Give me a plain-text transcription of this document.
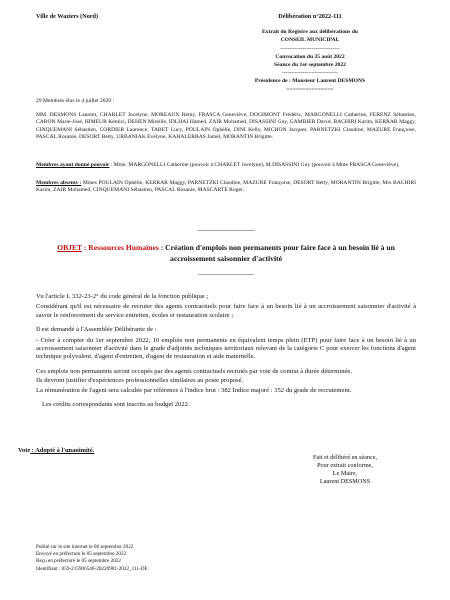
Ville de Waziers (Nord)	Délibération n°2022-111
Extrait du Registre aux délibérations du
CONSEIL MUNICIPAL
--------------------------------
Convocation du 25 août 2022
Séance du 1er septembre 2022
------------------------------
Présidence de : Monsieur Laurent DESMONS
===============
29 Membres élus le 4 juillet 2020 :
MM. DESMONS Laurent, CHARLET Jocelyne, MOREAUX Rémy, FRASCA Geneviève, DOGIMONT Frédéric, MARGONELLI Catherine, FERENZ Sébastien, CARON Marie-José, HIMEUR Kémici, DEHEN Mireille, IDLHAJ Hamed, ZAIR Mohamed, DISASSINI Guy, GAMBIER David, BACHIRI Karim, KERRAR Maggy, CINQUEMANI Sébastien, CORDIER Laurence, TABET Lucy, POULAIN Ophélie, DINI Kelly, MICHON Jacques, PARNETZKI Claudine, MAZURE Françoise, PASCAL Rosanie, DESORT Betty, URBANIAK Evelyne, KAHALERRAS Jamel, MORANTIN Brigitte.
Membres ayant donné pouvoir : Mme. MARGONELLI Catherine (pouvoir à CHARLET Jocelyne), M.DISASSINI Guy (pouvoir à Mme FRASCA Geneviève),
Membres absents : Mmes POULAIN Ophélie, KERRAR Maggy, PARNETZKI Claudine, MAZURE Françoise, DESORT Betty, MORANTIN Brigitte, Mrs BACHIRI Karim, ZAIR Mohamed, CINQUEMANI Sébastien, PASCAL Rosanie, MASCARTE Roger.
-----------------------------
OBJET : Ressources Humaines : Création d'emplois non permanents pour faire face à un besoin lié à un accroissement saisonnier d'activité
----------------------------

Vu l'article L 332-23-2° du code général de la fonction publique ;

Considérant qu'il est nécessaire de recruter des agents contractuels pour faire face à un besoin lié à un accroissement saisonnier d'activité à savoir le renforcement du service entretien, écoles et restauration scolaire ;

Il est demandé à l'Assemblée Délibérante de :

- Créer à compter du 1er septembre 2022, 10 emplois non permanents en équivalent temps plein (ETP) pour faire face à un besoin lié à un accroissement saisonnier d'activité dans le grade d'adjoints techniques territoriaux relevant de la catégorie C pour exercer les fonctions d'agent technique polyvalent, d'agent d'entretien, d'agent de restauration et aide maternelle.

Ces emplois non permanents seront occupés par des agents contractuels recrutés par voie de contrat à durée déterminée.

Ils devront justifier d'expériences professionnelles similaires au poste proposé.

La rémunération de l'agent sera calculée par référence à l'indice brut : 382 Indice majoré : 352 du grade de recrutement.

Les crédits correspondants sont inscrits au budget 2022.

Vote : Adopté à l'unanimité.
Fait et délibéré en séance,
Pour extrait conforme,
Le Maire,
Laurent DESMONS
Publié sur le site internet le 06 septembre 2022
Envoyé en préfecture le 05 septembre 2022
Reçu en préfecture le 05 septembre 2022
Identifiant : 059-215906546-20220901-2022_111-DE
